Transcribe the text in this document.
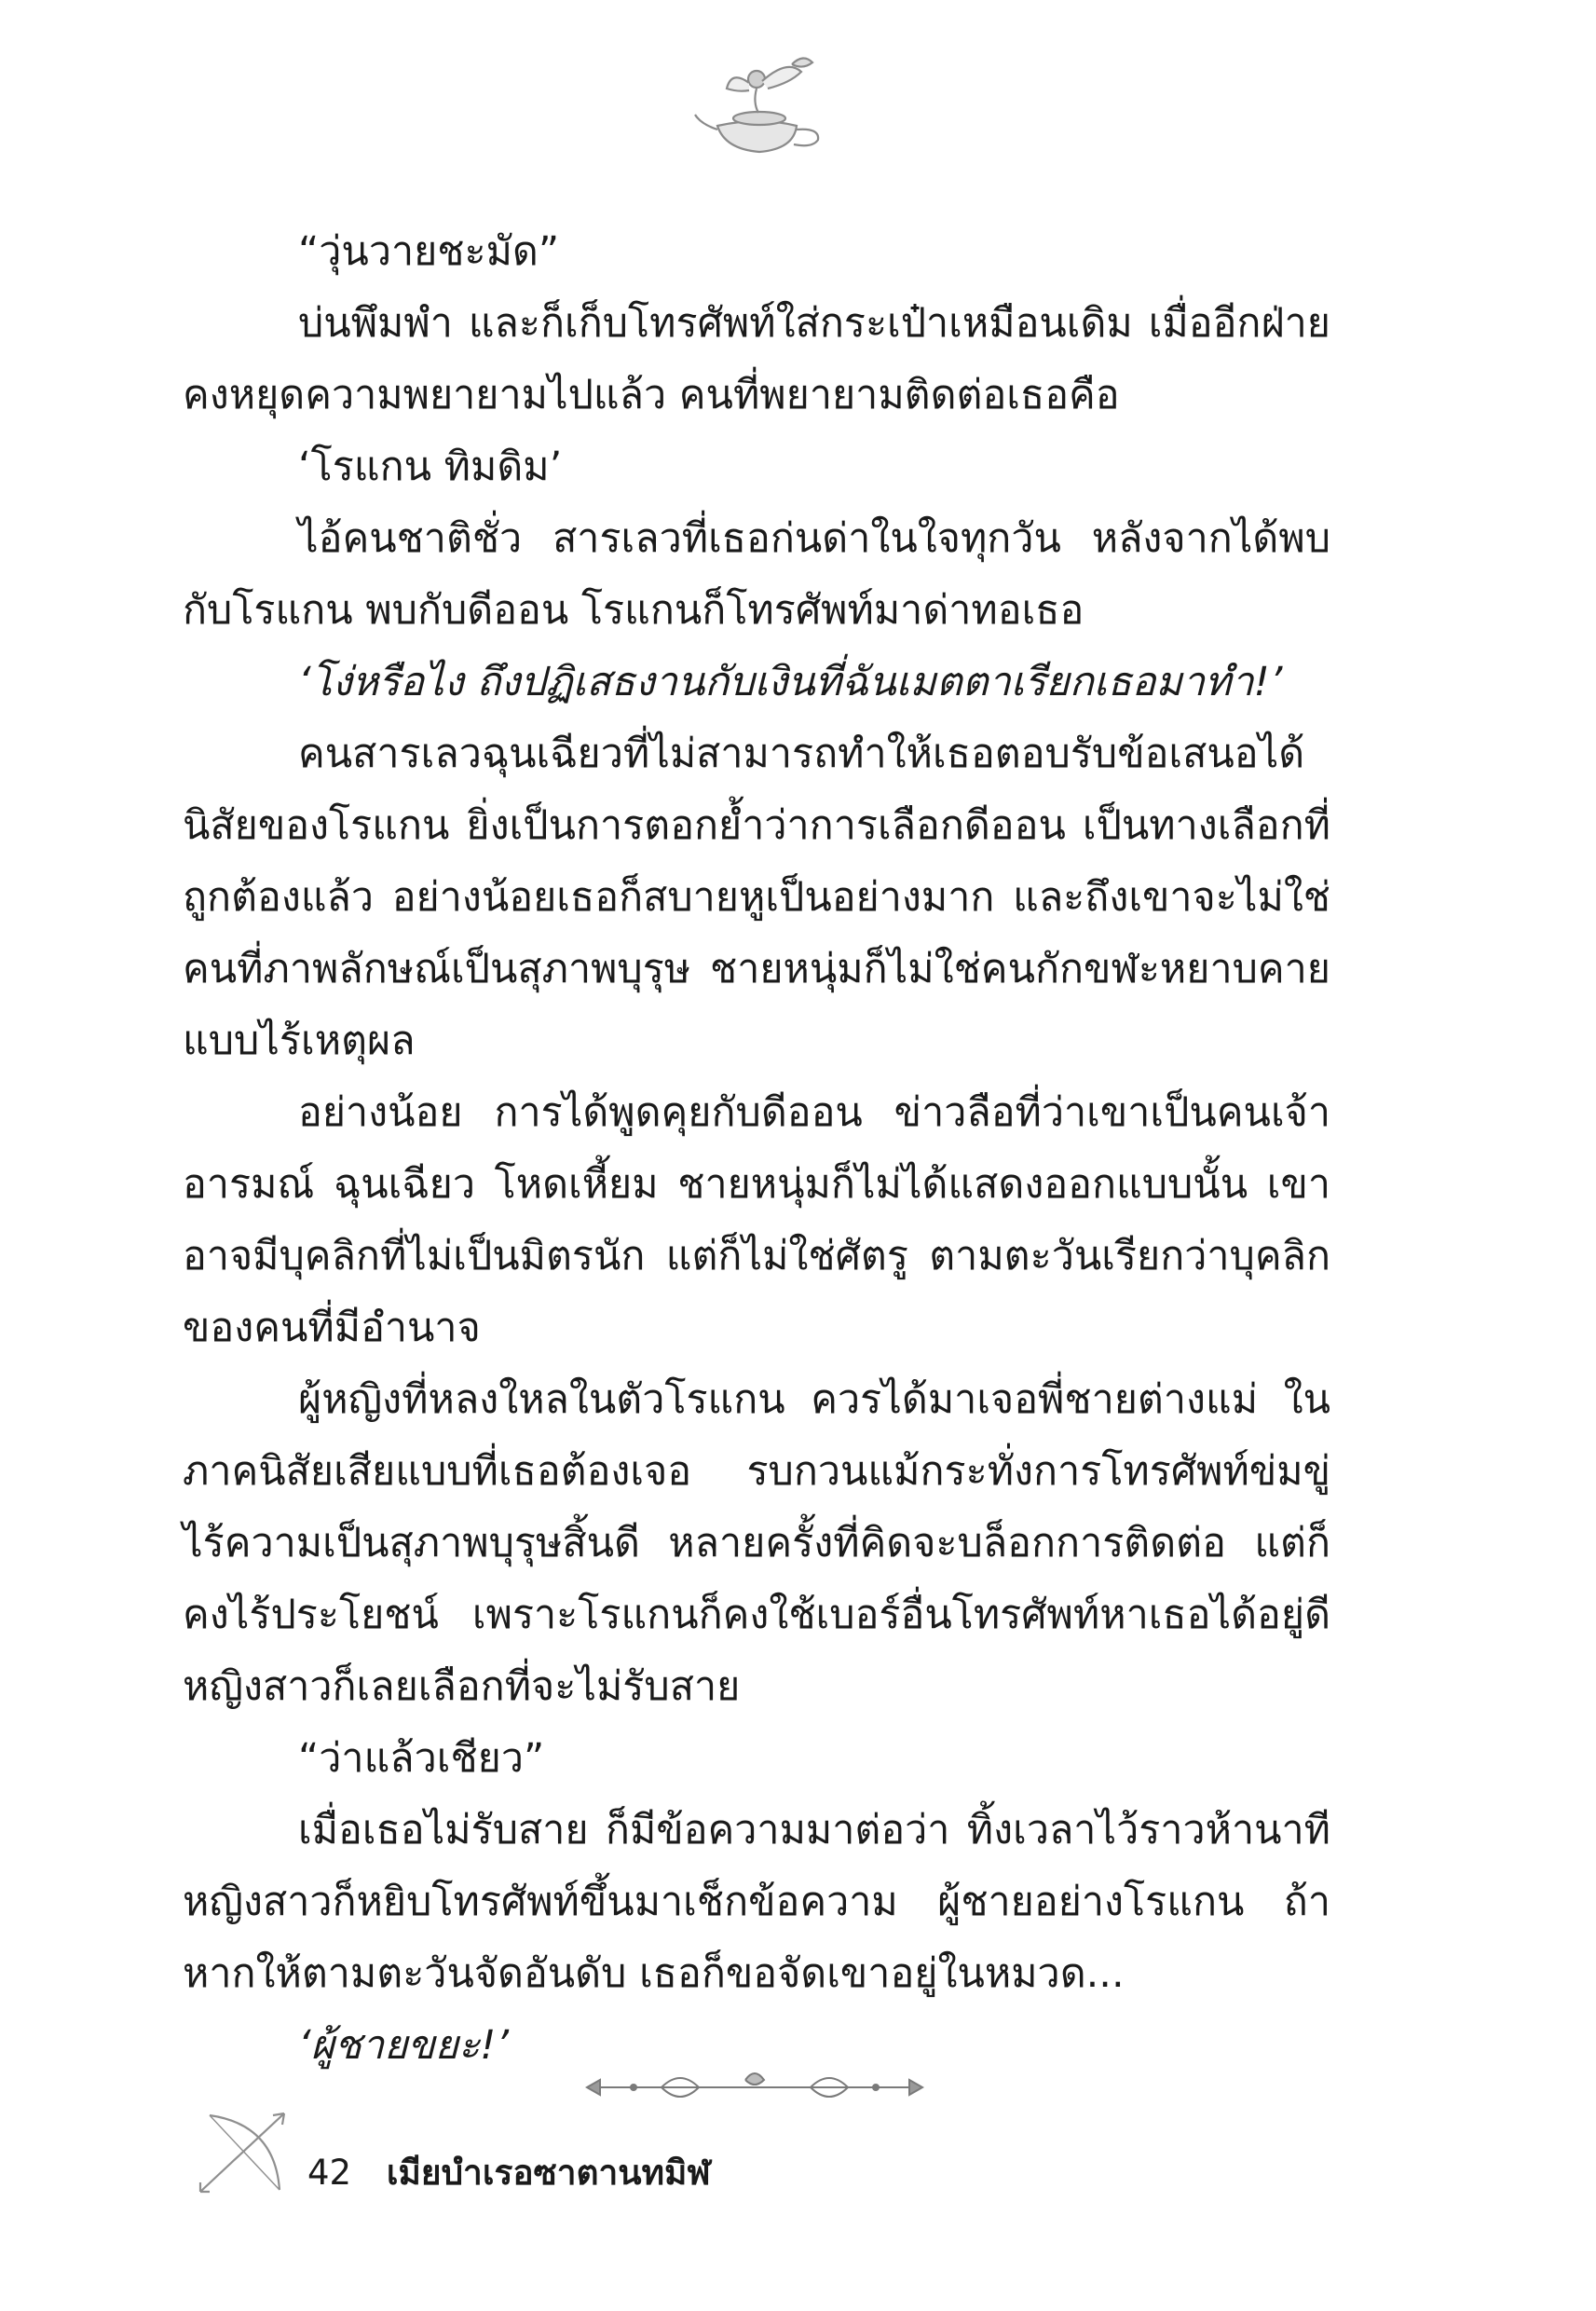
“วุ่นวายชะมัด”

บ่นพึมพำ และก็เก็บโทรศัพท์ใส่กระเป๋าเหมือนเดิม เมื่ออีกฝ่ายคงหยุดความพยายามไปแล้ว คนที่พยายามติดต่อเธอคือ

‘โรแกน ทิมดิม’

ไอ้คนชาติชั่ว สารเลวที่เธอก่นด่าในใจทุกวัน หลังจากได้พบกับโรแกน พบกับดีออน โรแกนก็โทรศัพท์มาด่าทอเธอ

‘โง่หรือไง ถึงปฏิเสธงานกับเงินที่ฉันเมตตาเรียกเธอมาทำ!’

คนสารเลวฉุนเฉียวที่ไม่สามารถทำให้เธอตอบรับข้อเสนอได้ นิสัยของโรแกน ยิ่งเป็นการตอกย้ำว่าการเลือกดีออน เป็นทางเลือกที่ถูกต้องแล้ว อย่างน้อยเธอก็สบายหูเป็นอย่างมาก และถึงเขาจะไม่ใช่คนที่ภาพลักษณ์เป็นสุภาพบุรุษ ชายหนุ่มก็ไม่ใช่คนกักขฬะหยาบคายแบบไร้เหตุผล

อย่างน้อย การได้พูดคุยกับดีออน ข่าวลือที่ว่าเขาเป็นคนเจ้าอารมณ์ ฉุนเฉียว โหดเหี้ยม ชายหนุ่มก็ไม่ได้แสดงออกแบบนั้น เขาอาจมีบุคลิกที่ไม่เป็นมิตรนัก แต่ก็ไม่ใช่ศัตรู ตามตะวันเรียกว่าบุคลิกของคนที่มีอำนาจ

ผู้หญิงที่หลงใหลในตัวโรแกน ควรได้มาเจอพี่ชายต่างแม่ ในภาคนิสัยเสียแบบที่เธอต้องเจอ รบกวนแม้กระทั่งการโทรศัพท์ข่มขู่ ไร้ความเป็นสุภาพบุรุษสิ้นดี หลายครั้งที่คิดจะบล็อกการติดต่อ แต่ก็คงไร้ประโยชน์ เพราะโรแกนก็คงใช้เบอร์อื่นโทรศัพท์หาเธอได้อยู่ดี หญิงสาวก็เลยเลือกที่จะไม่รับสาย

“ว่าแล้วเชียว”

เมื่อเธอไม่รับสาย ก็มีข้อความมาต่อว่า ทิ้งเวลาไว้ราวห้านาที หญิงสาวก็หยิบโทรศัพท์ขึ้นมาเช็กข้อความ ผู้ชายอย่างโรแกน ถ้าหากให้ตามตะวันจัดอันดับ เธอก็ขอจัดเขาอยู่ในหมวด...

‘ผู้ชายขยะ!’

42 เมียบำเรอซาตานทมิฬ
